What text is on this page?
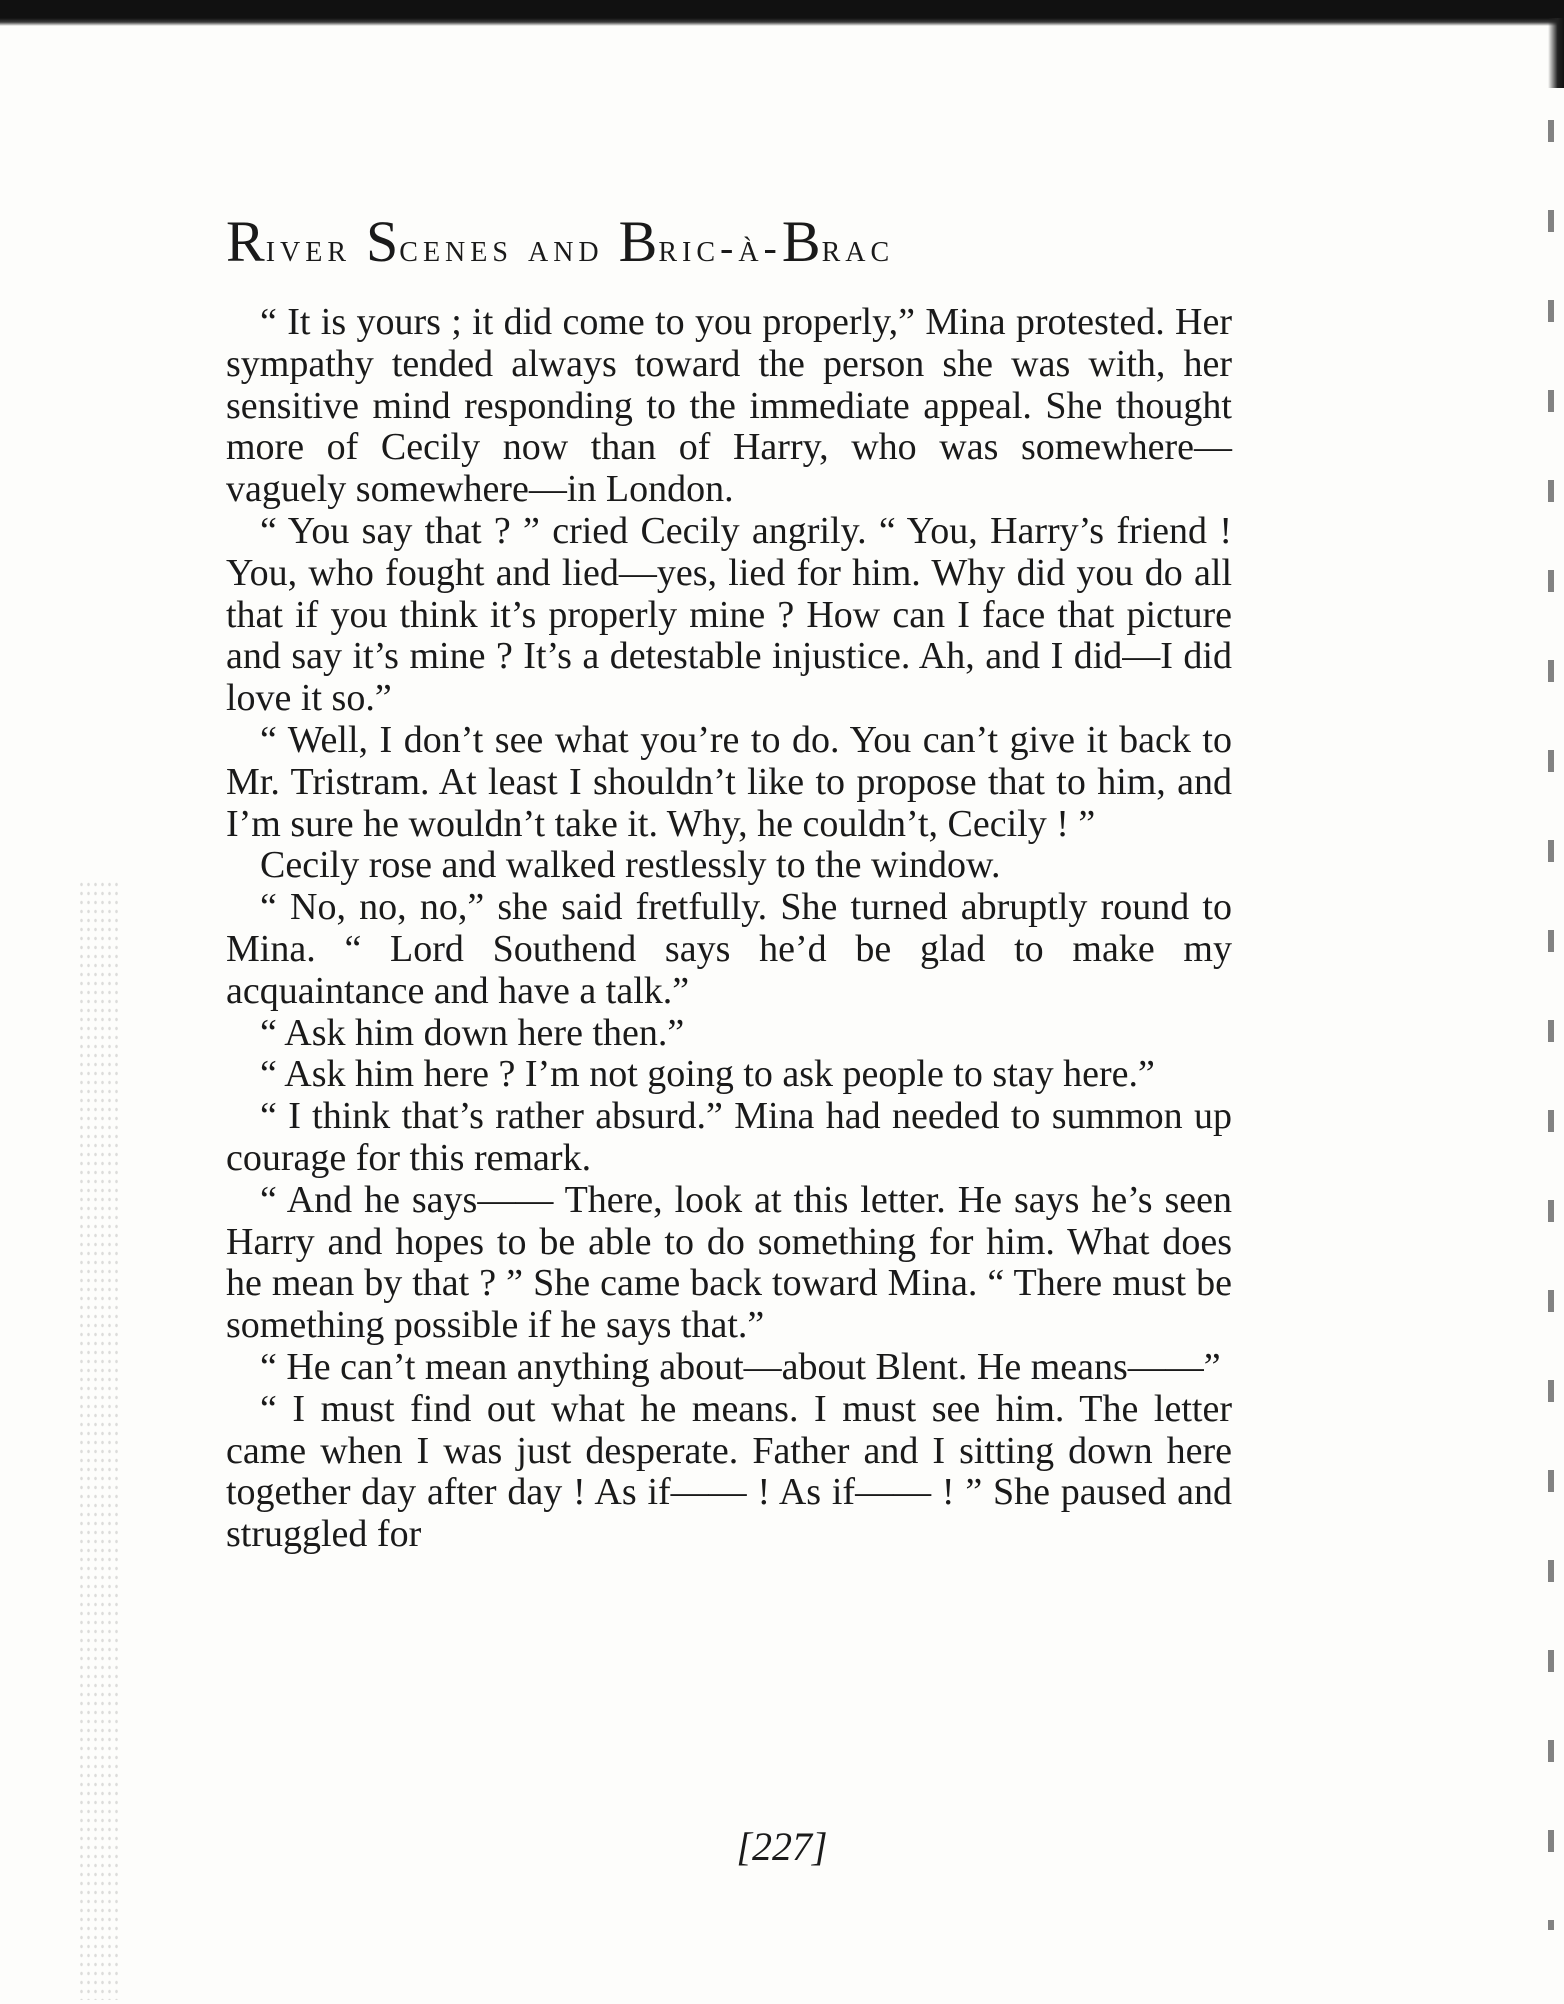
River Scenes and Bric-à-Brac

“ It is yours ; it did come to you properly,” Mina protested. Her sympathy tended always toward the person she was with, her sensitive mind responding to the immediate appeal. She thought more of Cecily now than of Harry, who was somewhere—vaguely somewhere—in London.

“ You say that ? ” cried Cecily angrily. “ You, Harry’s friend ! You, who fought and lied—yes, lied for him. Why did you do all that if you think it’s properly mine ? How can I face that picture and say it’s mine ? It’s a detestable injustice. Ah, and I did—I did love it so.”

“ Well, I don’t see what you’re to do. You can’t give it back to Mr. Tristram. At least I shouldn’t like to propose that to him, and I’m sure he wouldn’t take it. Why, he couldn’t, Cecily ! ”

Cecily rose and walked restlessly to the window.

“ No, no, no,” she said fretfully. She turned abruptly round to Mina. “ Lord Southend says he’d be glad to make my acquaintance and have a talk.”

“ Ask him down here then.”

“ Ask him here ? I’m not going to ask people to stay here.”

“ I think that’s rather absurd.” Mina had needed to summon up courage for this remark.

“ And he says—— There, look at this letter. He says he’s seen Harry and hopes to be able to do something for him. What does he mean by that ? ” She came back toward Mina. “ There must be something possible if he says that.”

“ He can’t mean anything about—about Blent. He means——”

“ I must find out what he means. I must see him. The letter came when I was just desperate. Father and I sitting down here together day after day ! As if—— ! As if—— ! ” She paused and struggled for

[227]
